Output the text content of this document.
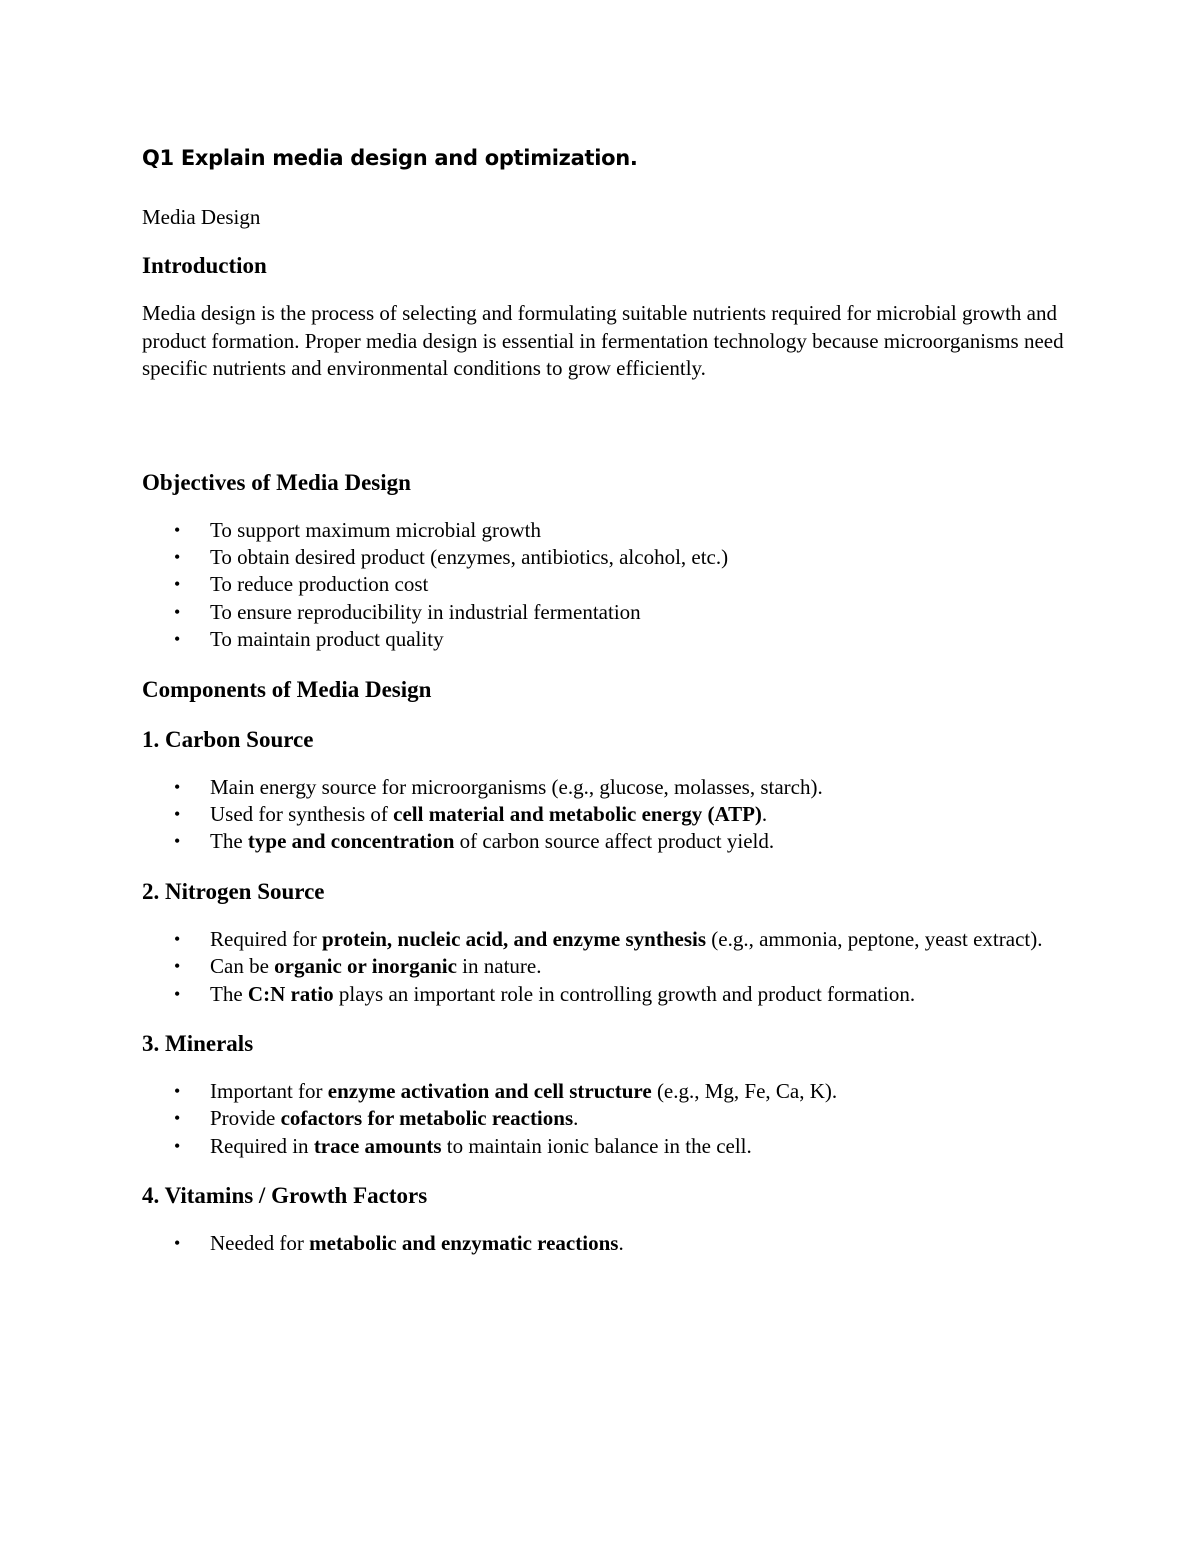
Q1 Explain media design and optimization.
Media Design
Introduction

Media design is the process of selecting and formulating suitable nutrients required for microbial growth and product formation. Proper media design is essential in fermentation technology because microorganisms need specific nutrients and environmental conditions to grow efficiently.

Objectives of Media Design
• To support maximum microbial growth
• To obtain desired product (enzymes, antibiotics, alcohol, etc.)
• To reduce production cost
• To ensure reproducibility in industrial fermentation
• To maintain product quality
Components of Media Design
1. Carbon Source
• Main energy source for microorganisms (e.g., glucose, molasses, starch).
• Used for synthesis of cell material and metabolic energy (ATP).
• The type and concentration of carbon source affect product yield.
2. Nitrogen Source
• Required for protein, nucleic acid, and enzyme synthesis (e.g., ammonia, peptone, yeast extract).
• Can be organic or inorganic in nature.
• The C:N ratio plays an important role in controlling growth and product formation.
3. Minerals
• Important for enzyme activation and cell structure (e.g., Mg, Fe, Ca, K).
• Provide cofactors for metabolic reactions.
• Required in trace amounts to maintain ionic balance in the cell.
4. Vitamins / Growth Factors
• Needed for metabolic and enzymatic reactions.
